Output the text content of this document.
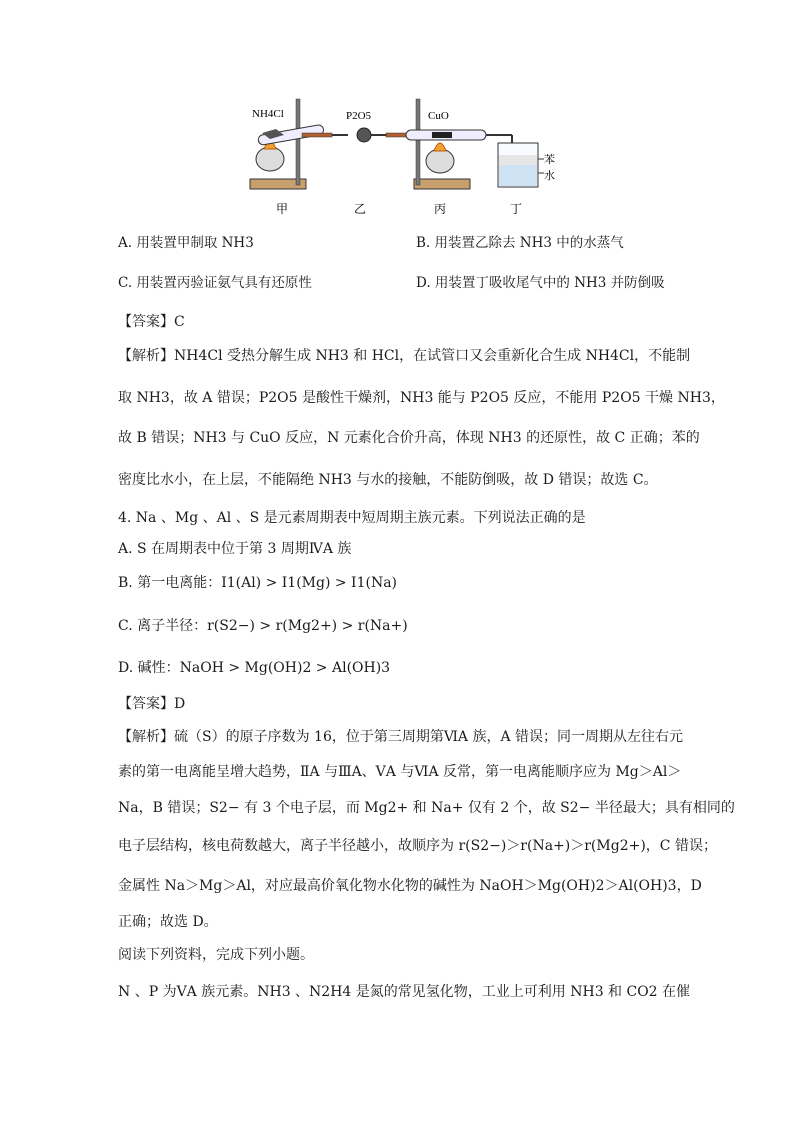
NH4Cl	P2O5	CuO
苯
水
甲	乙	丙	丁
A. 用装置甲制取 NH3	B. 用装置乙除去 NH3 中的水蒸气
C. 用装置丙验证氨气具有还原性	D. 用装置丁吸收尾气中的 NH3 并防倒吸
【答案】C
【解析】NH4Cl 受热分解生成 NH3 和 HCl，在试管口又会重新化合生成 NH4Cl，不能制
取 NH3，故 A 错误；P2O5 是酸性干燥剂，NH3 能与 P2O5 反应，不能用 P2O5 干燥 NH3，
故 B 错误；NH3 与 CuO 反应，N 元素化合价升高，体现 NH3 的还原性，故 C 正确；苯的
密度比水小，在上层，不能隔绝 NH3 与水的接触，不能防倒吸，故 D 错误；故选 C。
4. Na 、Mg 、Al 、S 是元素周期表中短周期主族元素。下列说法正确的是
A. S 在周期表中位于第 3 周期ⅣA 族
B. 第一电离能：I1(Al) > I1(Mg) > I1(Na)
C. 离子半径：r(S2−) > r(Mg2+) > r(Na+)
D. 碱性：NaOH > Mg(OH)2 > Al(OH)3
【答案】D
【解析】硫（S）的原子序数为 16，位于第三周期第ⅥA 族，A 错误；同一周期从左往右元
素的第一电离能呈增大趋势，ⅡA 与ⅢA、ⅤA 与ⅥA 反常，第一电离能顺序应为 Mg＞Al＞
Na，B 错误；S2− 有 3 个电子层，而 Mg2+ 和 Na+ 仅有 2 个，故 S2− 半径最大；具有相同的
电子层结构，核电荷数越大，离子半径越小，故顺序为 r(S2−)＞r(Na+)＞r(Mg2+)，C 错误；
金属性 Na＞Mg＞Al，对应最高价氧化物水化物的碱性为 NaOH＞Mg(OH)2＞Al(OH)3，D
正确；故选 D。
阅读下列资料，完成下列小题。
N 、P 为ⅤA 族元素。NH3 、N2H4 是氮的常见氢化物，工业上可利用 NH3 和 CO2 在催
